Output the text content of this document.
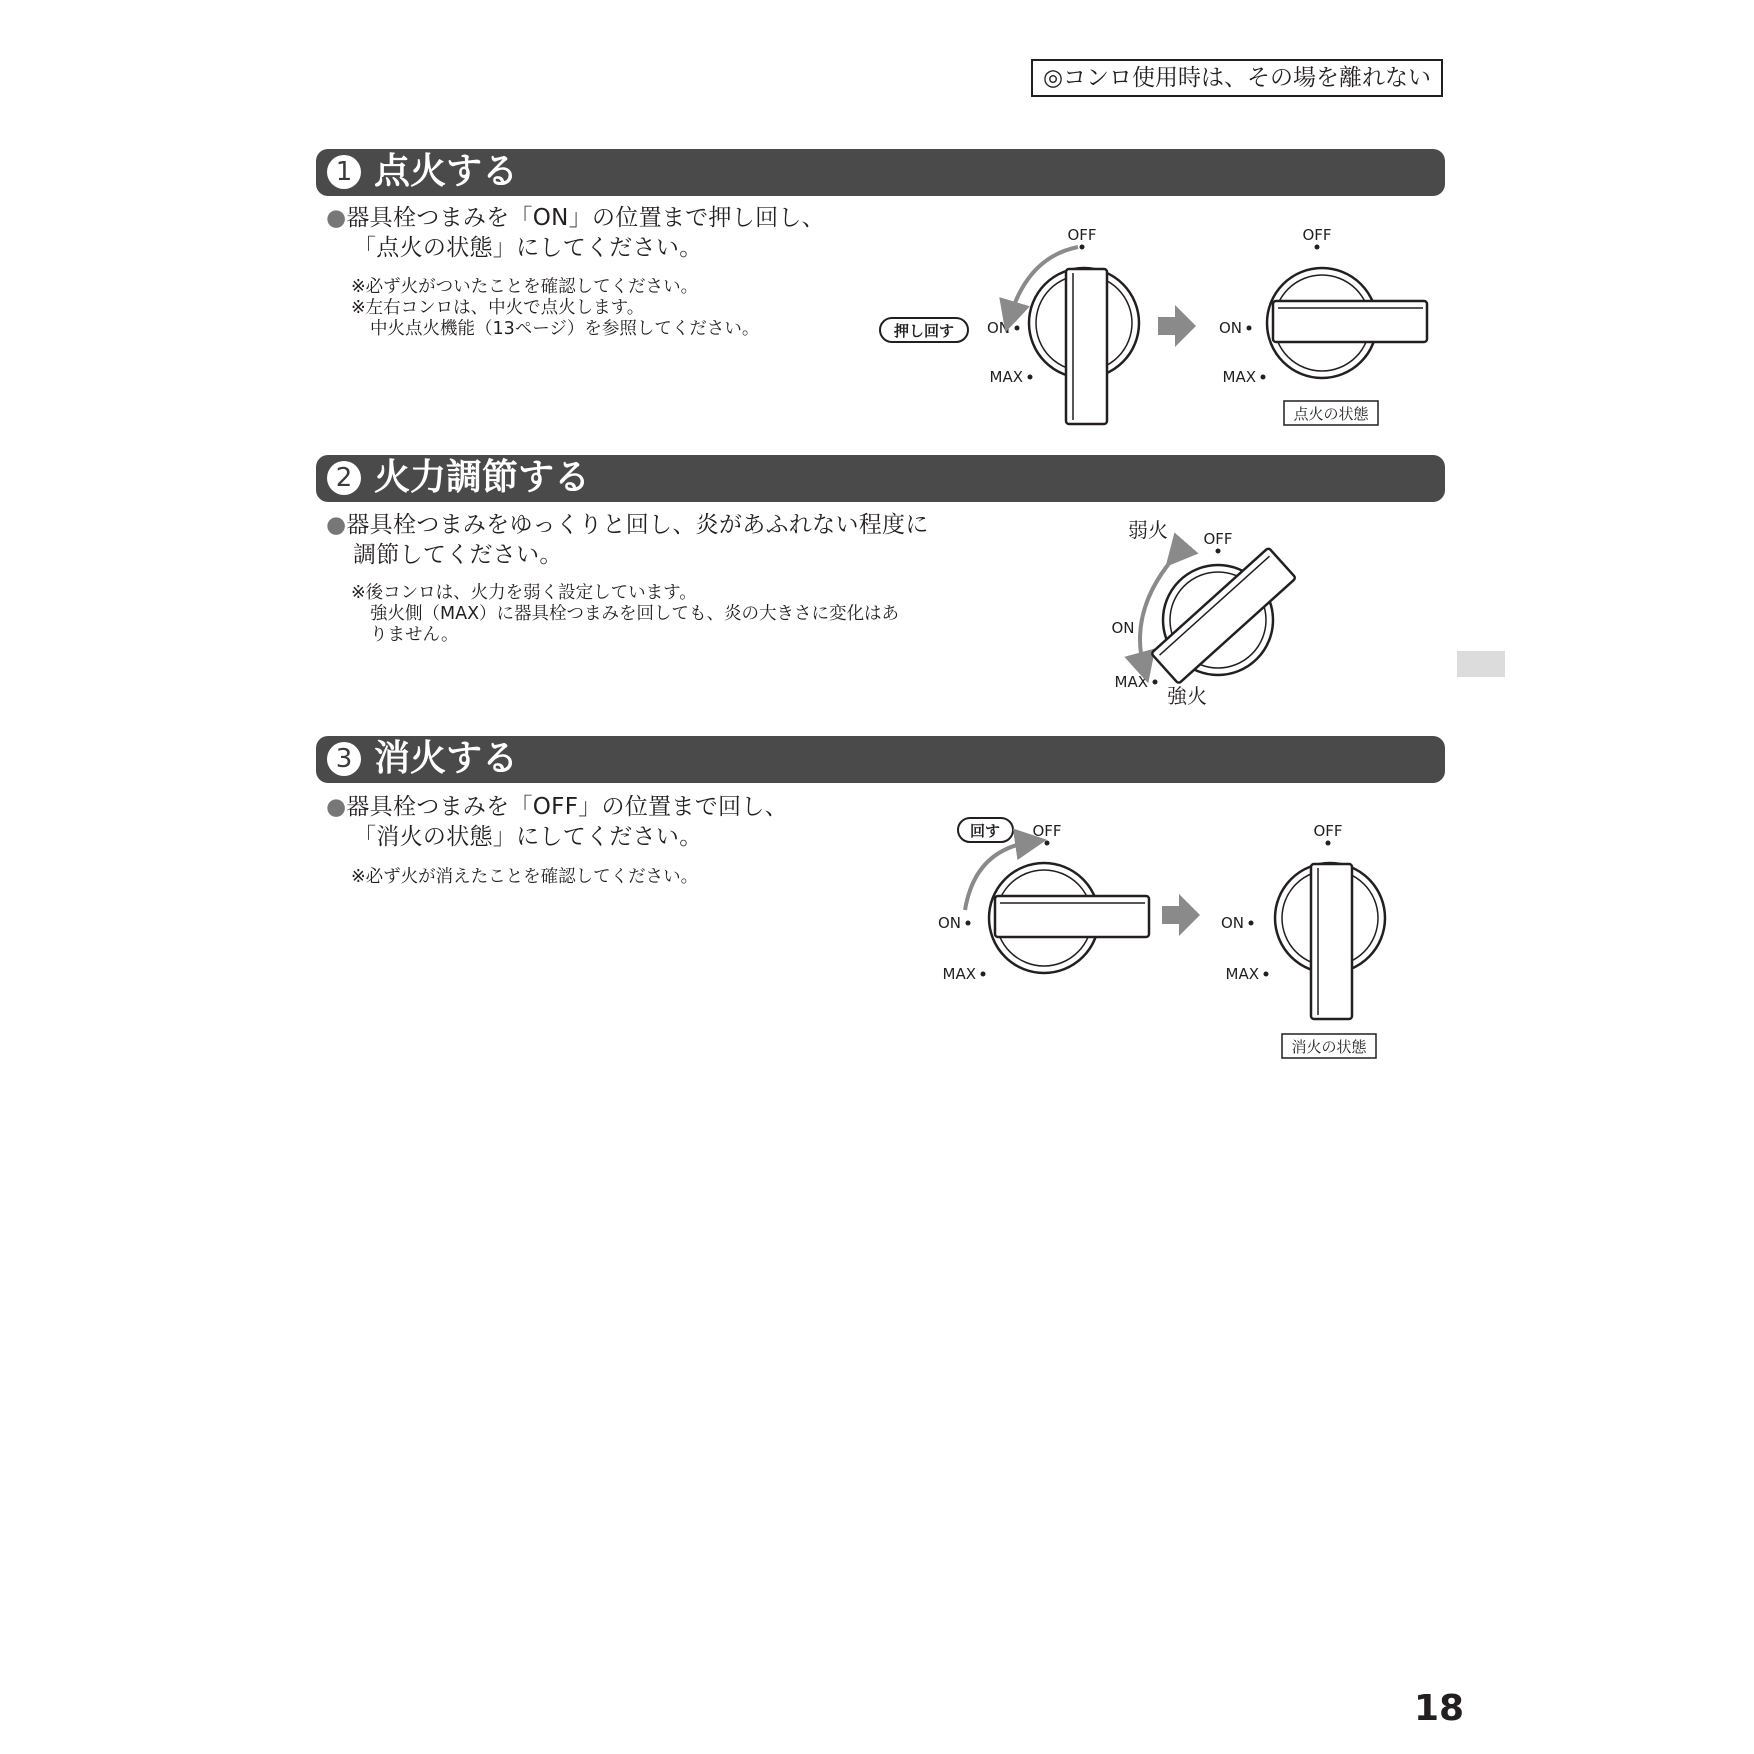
◎コンロ使用時は、その場を離れない
1 点火する
●器具栓つまみを「ON」の位置まで押し回し、
「点火の状態」にしてください。
※必ず火がついたことを確認してください。
※左右コンロは、中火で点火します。
中火点火機能（13ページ）を参照してください。	押し回す
OFF
ON
MAX
OFF
ON
MAX
点火の状態
2 火力調節する
●器具栓つまみをゆっくりと回し、炎があふれない程度に
調節してください。
※後コンロは、火力を弱く設定しています。
強火側（MAX）に器具栓つまみを回しても、炎の大きさに変化はあ
りません。
弱火 OFF
ON
MAX
強火
3 消火する
●器具栓つまみを「OFF」の位置まで回し、
「消火の状態」にしてください。
※必ず火が消えたことを確認してください。
回す OFF
ON
MAX
OFF
ON
MAX
消火の状態
18
